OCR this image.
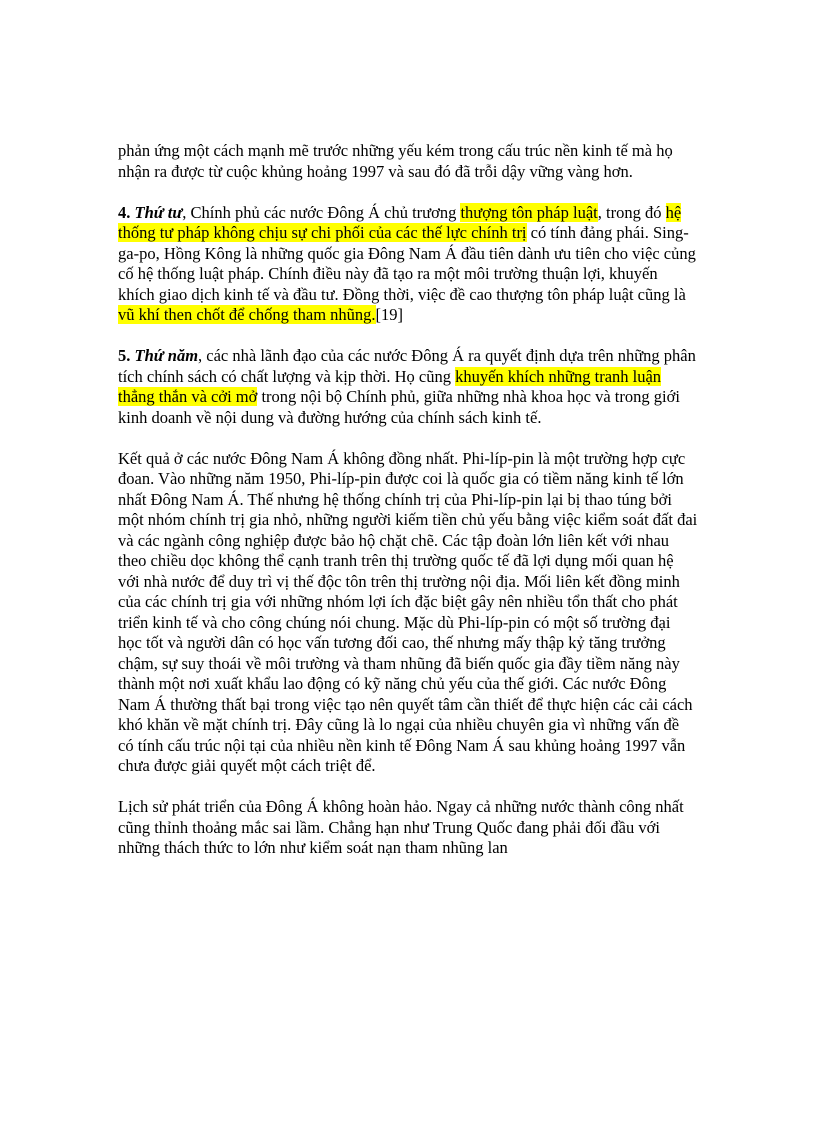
phản ứng một cách mạnh mẽ trước những yếu kém trong cấu trúc nền kinh tế mà họ nhận ra được từ cuộc khủng hoảng 1997 và sau đó đã trỗi dậy vững vàng hơn.

4. Thứ tư, Chính phủ các nước Đông Á chủ trương thượng tôn pháp luật, trong đó hệ thống tư pháp không chịu sự chi phối của các thế lực chính trị có tính đảng phái. Sing-ga-po, Hồng Kông là những quốc gia Đông Nam Á đầu tiên dành ưu tiên cho việc củng cố hệ thống luật pháp. Chính điều này đã tạo ra một môi trường thuận lợi, khuyến khích giao dịch kinh tế và đầu tư. Đồng thời, việc đề cao thượng tôn pháp luật cũng là vũ khí then chốt để chống tham nhũng.[19]

5. Thứ năm, các nhà lãnh đạo của các nước Đông Á ra quyết định dựa trên những phân tích chính sách có chất lượng và kịp thời. Họ cũng khuyến khích những tranh luận thẳng thắn và cởi mở trong nội bộ Chính phủ, giữa những nhà khoa học và trong giới kinh doanh về nội dung và đường hướng của chính sách kinh tế.

Kết quả ở các nước Đông Nam Á không đồng nhất. Phi-líp-pin là một trường hợp cực đoan. Vào những năm 1950, Phi-líp-pin được coi là quốc gia có tiềm năng kinh tế lớn nhất Đông Nam Á. Thế nhưng hệ thống chính trị của Phi-líp-pin lại bị thao túng bởi một nhóm chính trị gia nhỏ, những người kiếm tiền chủ yếu bằng việc kiểm soát đất đai và các ngành công nghiệp được bảo hộ chặt chẽ. Các tập đoàn lớn liên kết với nhau theo chiều dọc không thể cạnh tranh trên thị trường quốc tế đã lợi dụng mối quan hệ với nhà nước để duy trì vị thế độc tôn trên thị trường nội địa. Mối liên kết đồng minh của các chính trị gia với những nhóm lợi ích đặc biệt gây nên nhiều tổn thất cho phát triển kinh tế và cho công chúng nói chung. Mặc dù Phi-líp-pin có một số trường đại học tốt và người dân có học vấn tương đối cao, thế nhưng mấy thập kỷ tăng trưởng chậm, sự suy thoái về môi trường và tham nhũng đã biến quốc gia đầy tiềm năng này thành một nơi xuất khẩu lao động có kỹ năng chủ yếu của thế giới. Các nước Đông Nam Á thường thất bại trong việc tạo nên quyết tâm cần thiết để thực hiện các cải cách khó khăn về mặt chính trị. Đây cũng là lo ngại của nhiều chuyên gia vì những vấn đề có tính cấu trúc nội tại của nhiều nền kinh tế Đông Nam Á sau khủng hoảng 1997 vẫn chưa được giải quyết một cách triệt để.

Lịch sử phát triển của Đông Á không hoàn hảo. Ngay cả những nước thành công nhất cũng thỉnh thoảng mắc sai lầm. Chẳng hạn như Trung Quốc đang phải đối đầu với những thách thức to lớn như kiểm soát nạn tham nhũng lan
